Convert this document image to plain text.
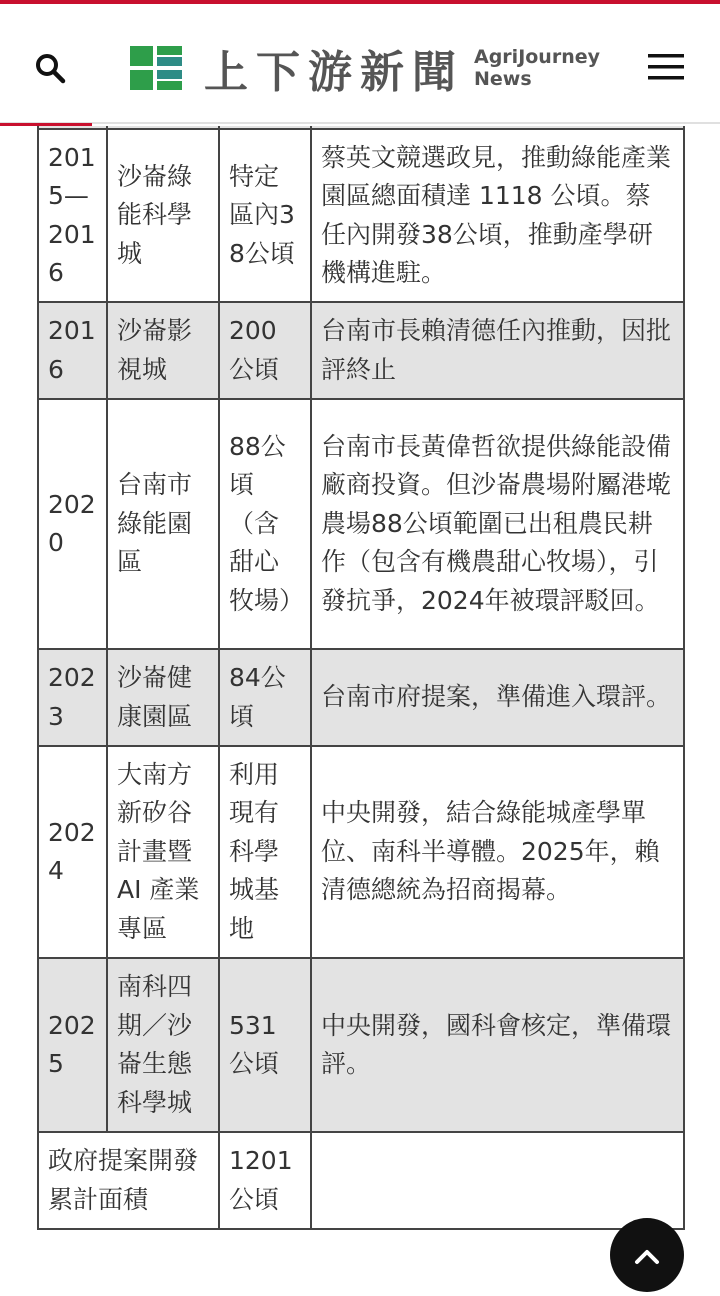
上下游新聞 AgriJourney
News

2015—2016	沙崙綠能科學城	特定區內38公頃	蔡英文競選政見，推動綠能產業園區總面積達 1118 公頃。蔡任內開發38公頃，推動產學研機構進駐。
2016	沙崙影視城	200公頃	台南市長賴清德任內推動，因批評終止
2020	台南市綠能園區	88公頃（含甜心牧場）	台南市長黃偉哲欲提供綠能設備廠商投資。但沙崙農場附屬港墘農場88公頃範圍已出租農民耕作（包含有機農甜心牧場），引發抗爭，2024年被環評駁回。
2023	沙崙健康園區	84公頃	台南市府提案，準備進入環評。
2024	大南方新矽谷計畫暨 AI 產業專區	利用現有科學城基地	中央開發，結合綠能城產學單位、南科半導體。2025年，賴清德總統為招商揭幕。
2025	南科四期／沙崙生態科學城	531公頃	中央開發，國科會核定，準備環評。
政府提案開發累計面積		1201公頃	
